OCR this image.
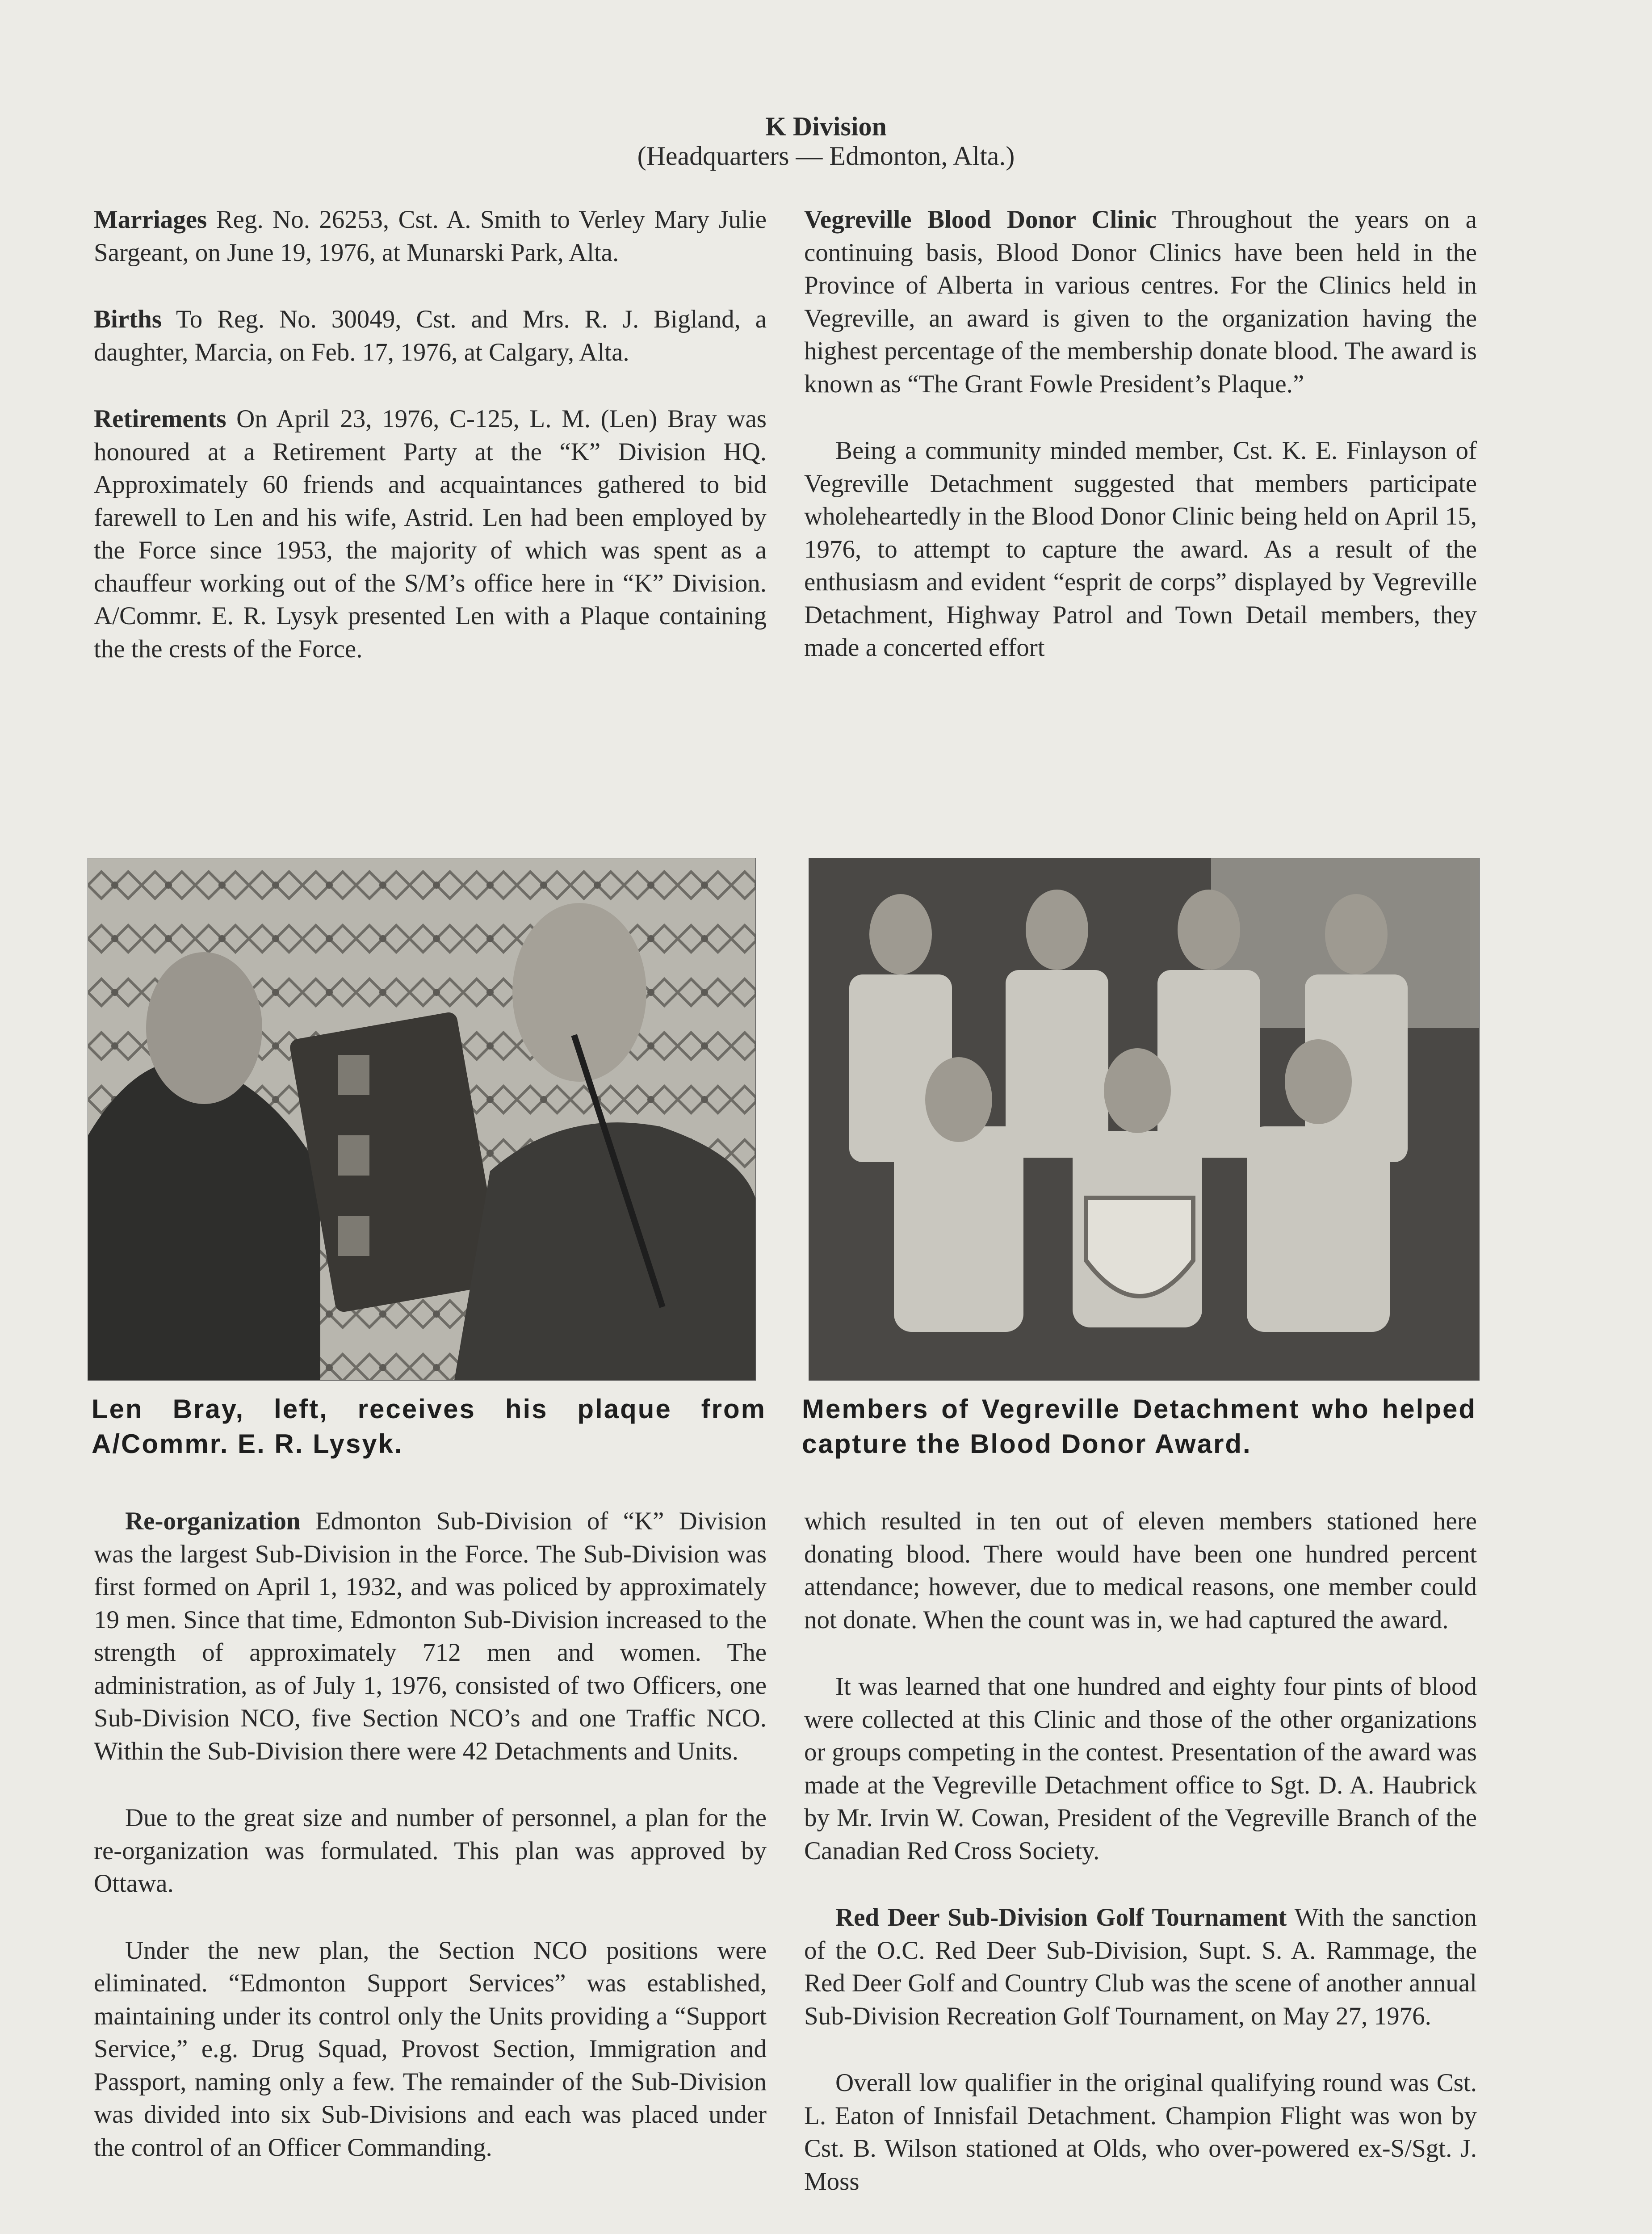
K Division
(Headquarters — Edmonton, Alta.)

Marriages Reg. No. 26253, Cst. A. Smith to Verley Mary Julie Sargeant, on June 19, 1976, at Munarski Park, Alta.

Births To Reg. No. 30049, Cst. and Mrs. R. J. Bigland, a daughter, Marcia, on Feb. 17, 1976, at Calgary, Alta.

Retirements On April 23, 1976, C-125, L. M. (Len) Bray was honoured at a Retirement Party at the “K” Division HQ. Approximately 60 friends and acquaintances gathered to bid farewell to Len and his wife, Astrid. Len had been employed by the Force since 1953, the majority of which was spent as a chauffeur working out of the S/M’s office here in “K” Division. A/Commr. E. R. Lysyk presented Len with a Plaque containing the the crests of the Force.

Vegreville Blood Donor Clinic Throughout the years on a continuing basis, Blood Donor Clinics have been held in the Province of Alberta in various centres. For the Clinics held in Vegreville, an award is given to the organization having the highest percentage of the membership donate blood. The award is known as “The Grant Fowle President’s Plaque.”

Being a community minded member, Cst. K. E. Finlayson of Vegreville Detachment suggested that members participate wholeheartedly in the Blood Donor Clinic being held on April 15, 1976, to attempt to capture the award. As a result of the enthusiasm and evident “esprit de corps” displayed by Vegreville Detachment, Highway Patrol and Town Detail members, they made a concerted effort

Len Bray, left, receives his plaque from A/Commr. E. R. Lysyk.
Members of Vegreville Detachment who helped capture the Blood Donor Award.

Re-organization Edmonton Sub-Division of “K” Division was the largest Sub-Division in the Force. The Sub-Division was first formed on April 1, 1932, and was policed by approximately 19 men. Since that time, Edmonton Sub-Division increased to the strength of approximately 712 men and women. The administration, as of July 1, 1976, consisted of two Officers, one Sub-Division NCO, five Section NCO’s and one Traffic NCO. Within the Sub-Division there were 42 Detachments and Units.

Due to the great size and number of personnel, a plan for the re-organization was formulated. This plan was approved by Ottawa.

Under the new plan, the Section NCO positions were eliminated. “Edmonton Support Services” was established, maintaining under its control only the Units providing a “Support Service,” e.g. Drug Squad, Provost Section, Immigration and Passport, naming only a few. The remainder of the Sub-Division was divided into six Sub-Divisions and each was placed under the control of an Officer Commanding.

which resulted in ten out of eleven members stationed here donating blood. There would have been one hundred percent attendance; however, due to medical reasons, one member could not donate. When the count was in, we had captured the award.

It was learned that one hundred and eighty four pints of blood were collected at this Clinic and those of the other organizations or groups competing in the contest. Presentation of the award was made at the Vegreville Detachment office to Sgt. D. A. Haubrick by Mr. Irvin W. Cowan, President of the Vegreville Branch of the Canadian Red Cross Society.

Red Deer Sub-Division Golf Tournament With the sanction of the O.C. Red Deer Sub-Division, Supt. S. A. Rammage, the Red Deer Golf and Country Club was the scene of another annual Sub-Division Recreation Golf Tournament, on May 27, 1976.

Overall low qualifier in the original qualifying round was Cst. L. Eaton of Innisfail Detachment. Champion Flight was won by Cst. B. Wilson stationed at Olds, who over-powered ex-S/Sgt. J. Moss
